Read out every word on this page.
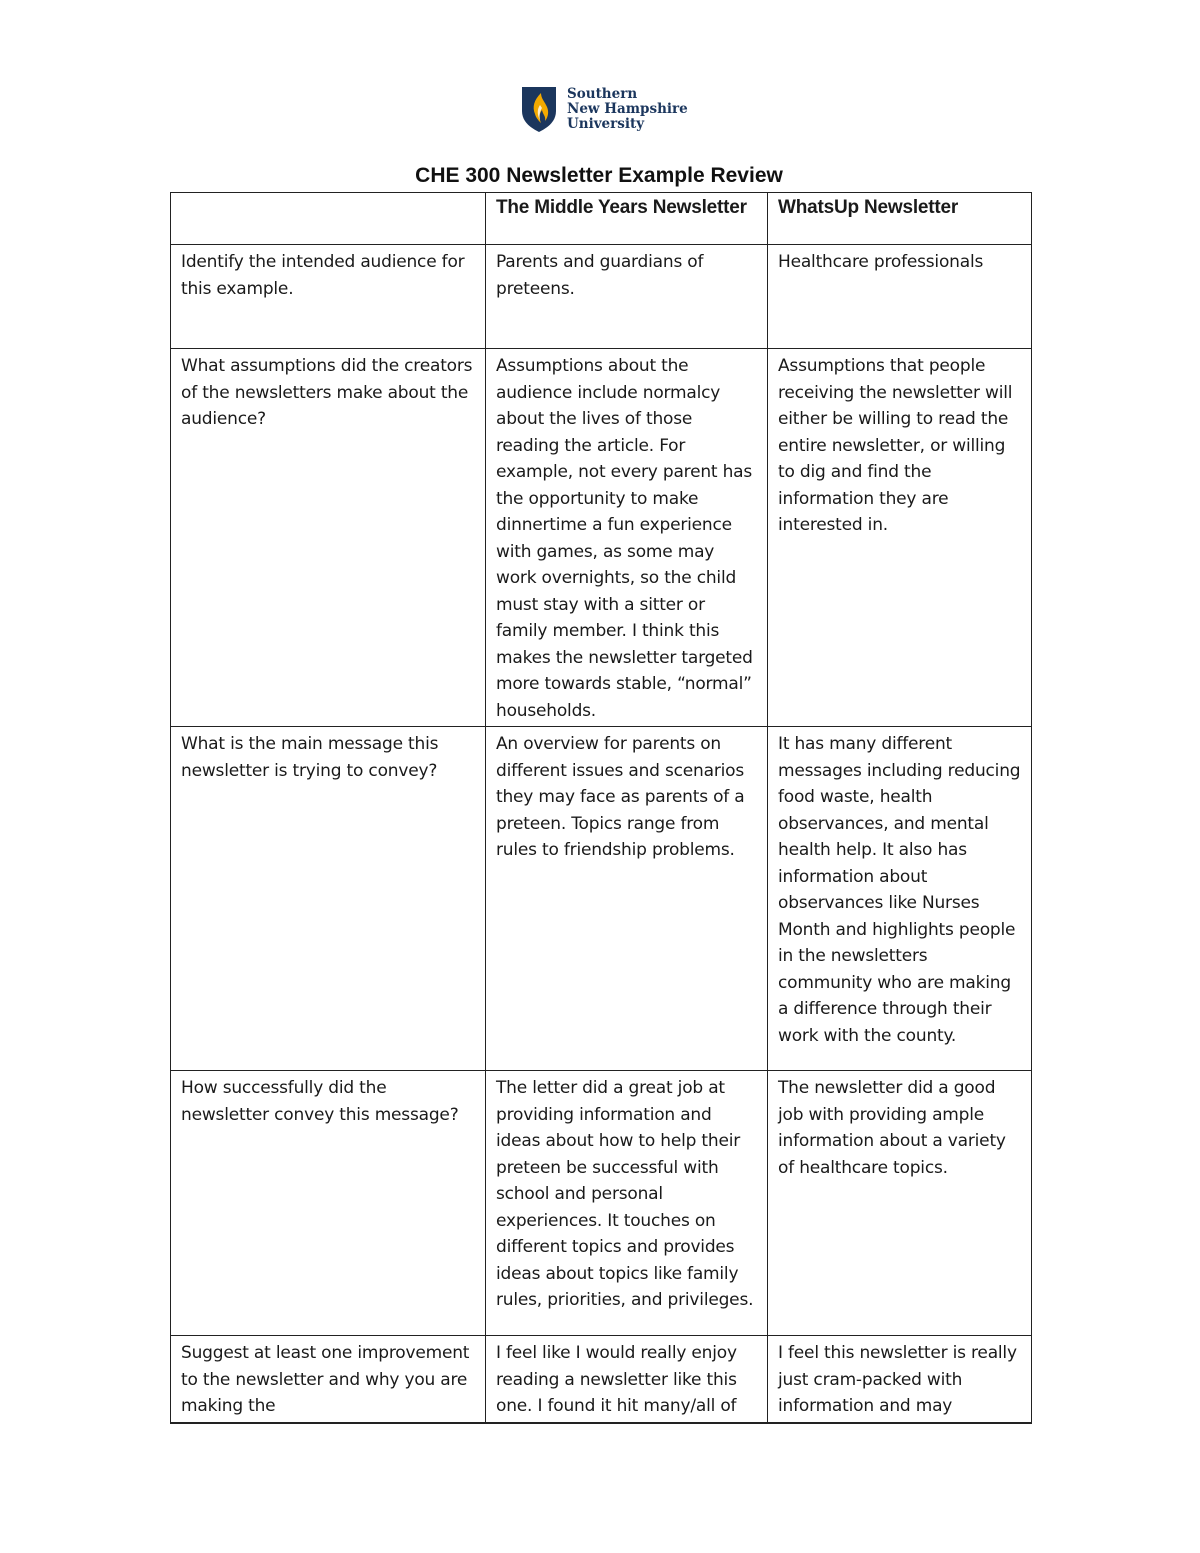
Southern
New Hampshire
University
CHE 300 Newsletter Example Review
	The Middle Years Newsletter	WhatsUp Newsletter
Identify the intended audience for this example.	Parents and guardians of preteens.	Healthcare professionals
What assumptions did the creators of the newsletters make about the audience?	Assumptions about the audience include normalcy about the lives of those reading the article. For example, not every parent has the opportunity to make dinnertime a fun experience with games, as some may work overnights, so the child must stay with a sitter or family member. I think this makes the newsletter targeted more towards stable, “normal” households.	Assumptions that people receiving the newsletter will either be willing to read the entire newsletter, or willing to dig and find the information they are interested in.
What is the main message this newsletter is trying to convey?	An overview for parents on different issues and scenarios they may face as parents of a preteen. Topics range from rules to friendship problems.	It has many different messages including reducing food waste, health observances, and mental health help. It also has information about observances like Nurses Month and highlights people in the newsletters community who are making a difference through their work with the county.
How successfully did the newsletter convey this message?	The letter did a great job at providing information and ideas about how to help their preteen be successful with school and personal experiences. It touches on different topics and provides ideas about topics like family rules, priorities, and privileges.	The newsletter did a good job with providing ample information about a variety of healthcare topics.
Suggest at least one improvement to the newsletter and why you are making the	I feel like I would really enjoy reading a newsletter like this one. I found it hit many/all of	I feel this newsletter is really just cram-packed with information and may
